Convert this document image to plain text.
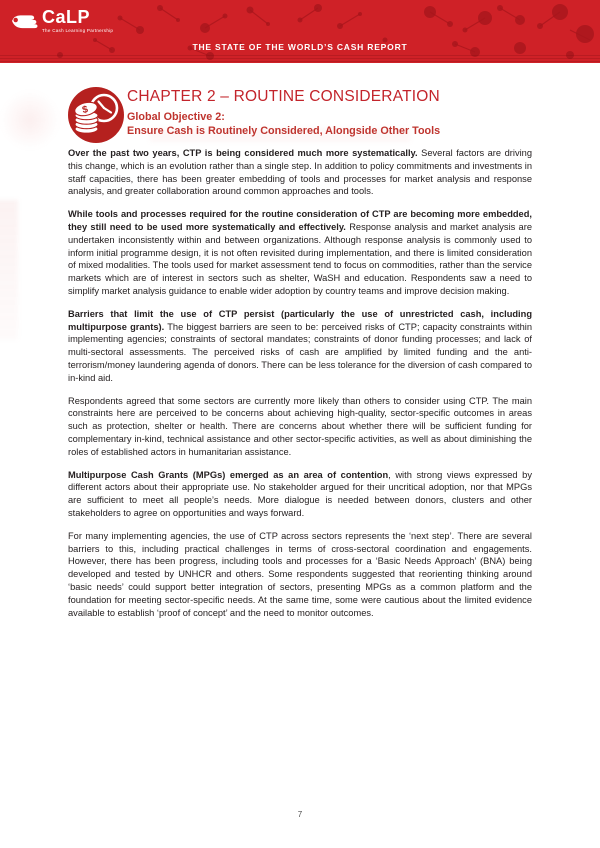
CaLP
The Cash Learning Partnership
THE STATE OF THE WORLD’S CASH REPORT
$
CHAPTER 2 – ROUTINE CONSIDERATION
Global Objective 2:
Ensure Cash is Routinely Considered, Alongside Other Tools

Over the past two years, CTP is being considered much more systematically. Several factors are driving this change, which is an evolution rather than a single step. In addition to policy commitments and investments in staff capacities, there has been greater embedding of tools and processes for market analysis and response analysis, and greater collaboration around common approaches and tools.

While tools and processes required for the routine consideration of CTP are becoming more embedded, they still need to be used more systematically and effectively. Response analysis and market analysis are undertaken inconsistently within and between organizations. Although response analysis is commonly used to inform initial programme design, it is not often revisited during implementation, and there is limited consideration of mixed modalities. The tools used for market assessment tend to focus on commodities, rather than the service markets which are of interest in sectors such as shelter, WaSH and education. Respondents saw a need to simplify market analysis guidance to enable wider adoption by country teams and improve decision making.

Barriers that limit the use of CTP persist (particularly the use of unrestricted cash, including multipurpose grants). The biggest barriers are seen to be: perceived risks of CTP; capacity constraints within implementing agencies; constraints of sectoral mandates; constraints of donor funding processes; and lack of multi-sectoral assessments. The perceived risks of cash are amplified by limited funding and the anti-terrorism/money laundering agenda of donors. There can be less tolerance for the diversion of cash compared to in-kind aid.

Respondents agreed that some sectors are currently more likely than others to consider using CTP. The main constraints here are perceived to be concerns about achieving high-quality, sector-specific outcomes in areas such as protection, shelter or health. There are concerns about whether there will be sufficient funding for complementary in-kind, technical assistance and other sector-specific activities, as well as about diminishing the roles of established actors in humanitarian assistance.

Multipurpose Cash Grants (MPGs) emerged as an area of contention, with strong views expressed by different actors about their appropriate use. No stakeholder argued for their uncritical adoption, nor that MPGs are sufficient to meet all people’s needs. More dialogue is needed between donors, clusters and other stakeholders to agree on opportunities and ways forward.

For many implementing agencies, the use of CTP across sectors represents the ‘next step’. There are several barriers to this, including practical challenges in terms of cross-sectoral coordination and engagements. However, there has been progress, including tools and processes for a ‘Basic Needs Approach’ (BNA) being developed and tested by UNHCR and others. Some respondents suggested that reorienting thinking around ‘basic needs’ could support better integration of sectors, presenting MPGs as a common platform and the foundation for meeting sector-specific needs. At the same time, some were cautious about the limited evidence available to establish ‘proof of concept’ and the need to monitor outcomes.

7
